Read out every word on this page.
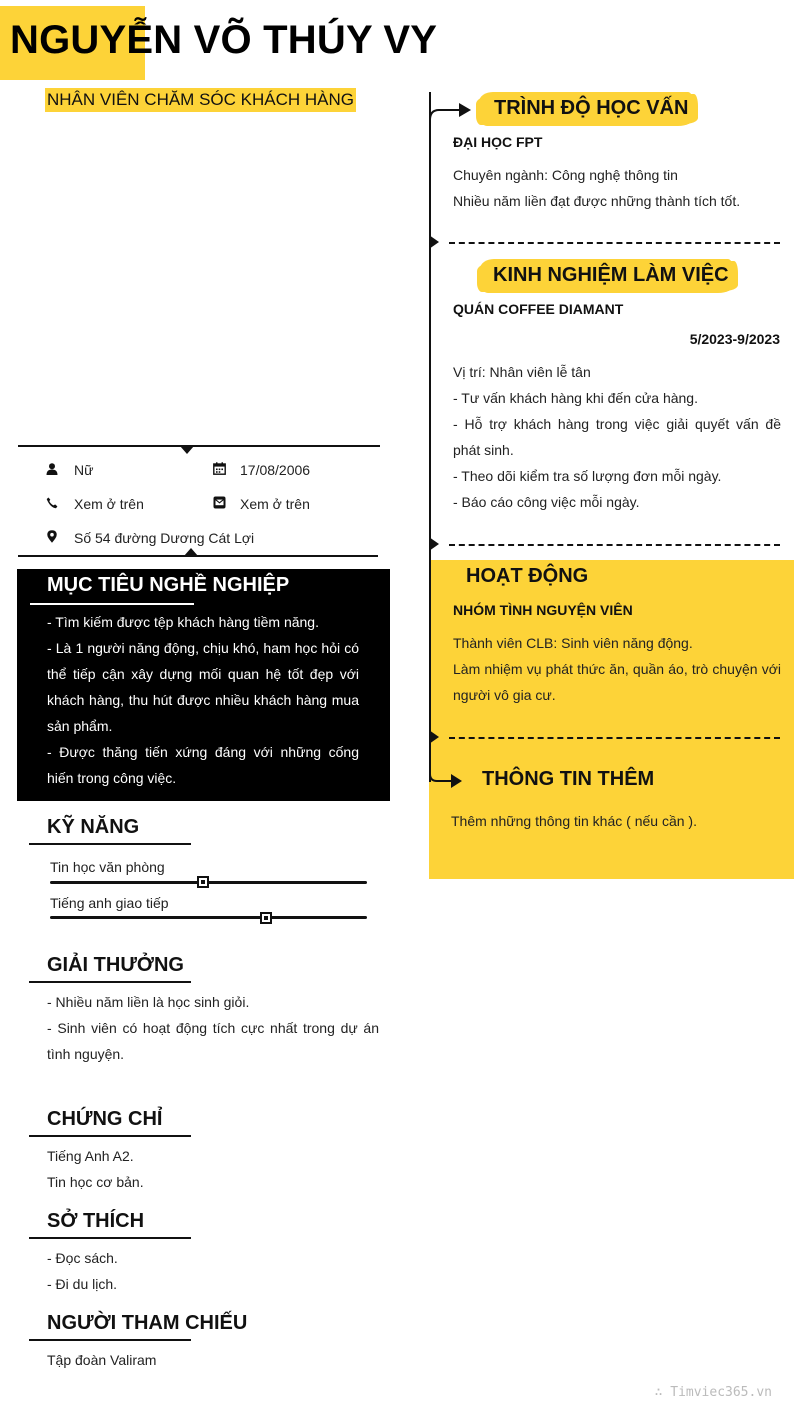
NGUYỄN VÕ THÚY VY
NHÂN VIÊN CHĂM SÓC KHÁCH HÀNG
Nữ	17/08/2006
Xem ở trên	Xem ở trên
Số 54 đường Dương Cát Lợi
MỤC TIÊU NGHỀ NGHIỆP
- Tìm kiếm được tệp khách hàng tiềm năng.
- Là 1 người năng động, chịu khó, ham học hỏi có thể tiếp cận xây dựng mối quan hệ tốt đẹp với khách hàng, thu hút được nhiều khách hàng mua sản phẩm.
- Được thăng tiến xứng đáng với những cống hiến trong công việc.
KỸ NĂNG
Tin học văn phòng
Tiếng anh giao tiếp
GIẢI THƯỞNG
- Nhiều năm liền là học sinh giỏi.
- Sinh viên có hoạt động tích cực nhất trong dự án tình nguyện.
CHỨNG CHỈ
Tiếng Anh A2.
Tin học cơ bản.
SỞ THÍCH
- Đọc sách.
- Đi du lịch.
NGƯỜI THAM CHIẾU
Tập đoàn Valiram
TRÌNH ĐỘ HỌC VẤN
ĐẠI HỌC FPT
Chuyên ngành: Công nghệ thông tin
Nhiều năm liền đạt được những thành tích tốt.
KINH NGHIỆM LÀM VIỆC
QUÁN COFFEE DIAMANT
5/2023-9/2023
Vị trí: Nhân viên lễ tân
- Tư vấn khách hàng khi đến cửa hàng.
- Hỗ trợ khách hàng trong việc giải quyết vấn đề phát sinh.
- Theo dõi kiểm tra số lượng đơn mỗi ngày.
- Báo cáo công việc mỗi ngày.
HOẠT ĐỘNG
NHÓM TÌNH NGUYỆN VIÊN
Thành viên CLB: Sinh viên năng động.
Làm nhiệm vụ phát thức ăn, quần áo, trò chuyện với người vô gia cư.
THÔNG TIN THÊM
Thêm những thông tin khác ( nếu cần ).
∴ Timviec365.vn
